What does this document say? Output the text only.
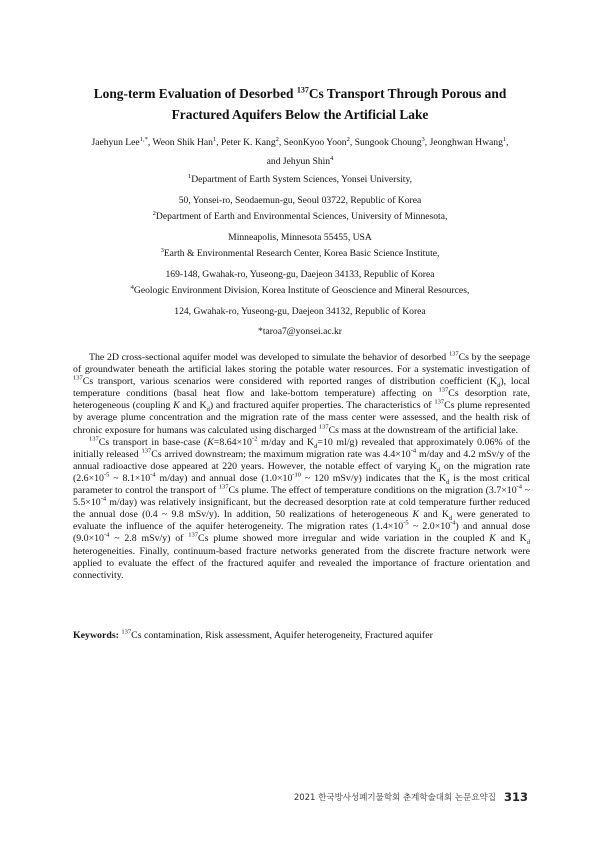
Long-term Evaluation of Desorbed $^{137}$Cs Transport Through Porous and
Fractured Aquifers Below the Artificial Lake
Jaehyun Lee$^{1,*}$, Weon Shik Han$^1$, Peter K. Kang$^2$, SeonKyoo Yoon$^2$, Sungook Choung$^3$, Jeonghwan Hwang$^1$,
and Jehyun Shin$^4$
$^1$Department of Earth System Sciences, Yonsei University,
50, Yonsei-ro, Seodaemun-gu, Seoul 03722, Republic of Korea
$^2$Department of Earth and Environmental Sciences, University of Minnesota,
Minneapolis, Minnesota 55455, USA
$^3$Earth & Environmental Research Center, Korea Basic Science Institute,
169-148, Gwahak-ro, Yuseong-gu, Daejeon 34133, Republic of Korea
$^4$Geologic Environment Division, Korea Institute of Geoscience and Mineral Resources,
124, Gwahak-ro, Yuseong-gu, Daejeon 34132, Republic of Korea
*taroa7@yonsei.ac.kr

The 2D cross-sectional aquifer model was developed to simulate the behavior of desorbed $^{137}$Cs by the seepage of groundwater beneath the artificial lakes storing the potable water resources. For a systematic investigation of $^{137}$Cs transport, various scenarios were considered with reported ranges of distribution coefficient $(K_d)$, local temperature conditions (basal heat flow and lake-bottom temperature) affecting on $^{137}$Cs desorption rate, heterogeneous (coupling K and $K_d$) and fractured aquifer properties. The characteristics of $^{137}$Cs plume represented by average plume concentration and the migration rate of the mass center were assessed, and the health risk of chronic exposure for humans was calculated using discharged $^{137}$Cs mass at the downstream of the artificial lake.

$^{137}$Cs transport in base-case ($K=8.64\times 10^{-2}$ m/day and $K_d=10$ ml/g) revealed that approximately 0.06% of the initially released $^{137}$Cs arrived downstream; the maximum migration rate was $4.4\times 10^{-4}$ m/day and 4.2 mSv/y of the annual radioactive dose appeared at 220 years. However, the notable effect of varying $K_d$ on the migration rate ($2.6\times 10^{-5}$ ~ $8.1\times 10^{-4}$ m/day) and annual dose ($1.0\times 10^{-10}$ ~ 120 mSv/y) indicates that the $K_d$ is the most critical parameter to control the transport of $^{137}$Cs plume. The effect of temperature conditions on the migration ($3.7\times 10^{-4}$ ~ $5.5\times 10^{-4}$ m/day) was relatively insignificant, but the decreased desorption rate at cold temperature further reduced the annual dose (0.4 ~ 9.8 mSv/y). In addition, 50 realizations of heterogeneous K and $K_d$ were generated to evaluate the influence of the aquifer heterogeneity. The migration rates ($1.4\times 10^{-5}$ ~ $2.0\times 10^{-4}$) and annual dose ($9.0\times 10^{-4}$ ~ 2.8 mSv/y) of $^{137}$Cs plume showed more irregular and wide variation in the coupled K and $K_d$ heterogeneities. Finally, continuum-based fracture networks generated from the discrete fracture network were applied to evaluate the effect of the fractured aquifer and revealed the importance of fracture orientation and connectivity.

Keywords: $^{137}$Cs contamination, Risk assessment, Aquifer heterogeneity, Fractured aquifer
2021 한국방사성폐기물학회 춘계학술대회 논문요약집 313
